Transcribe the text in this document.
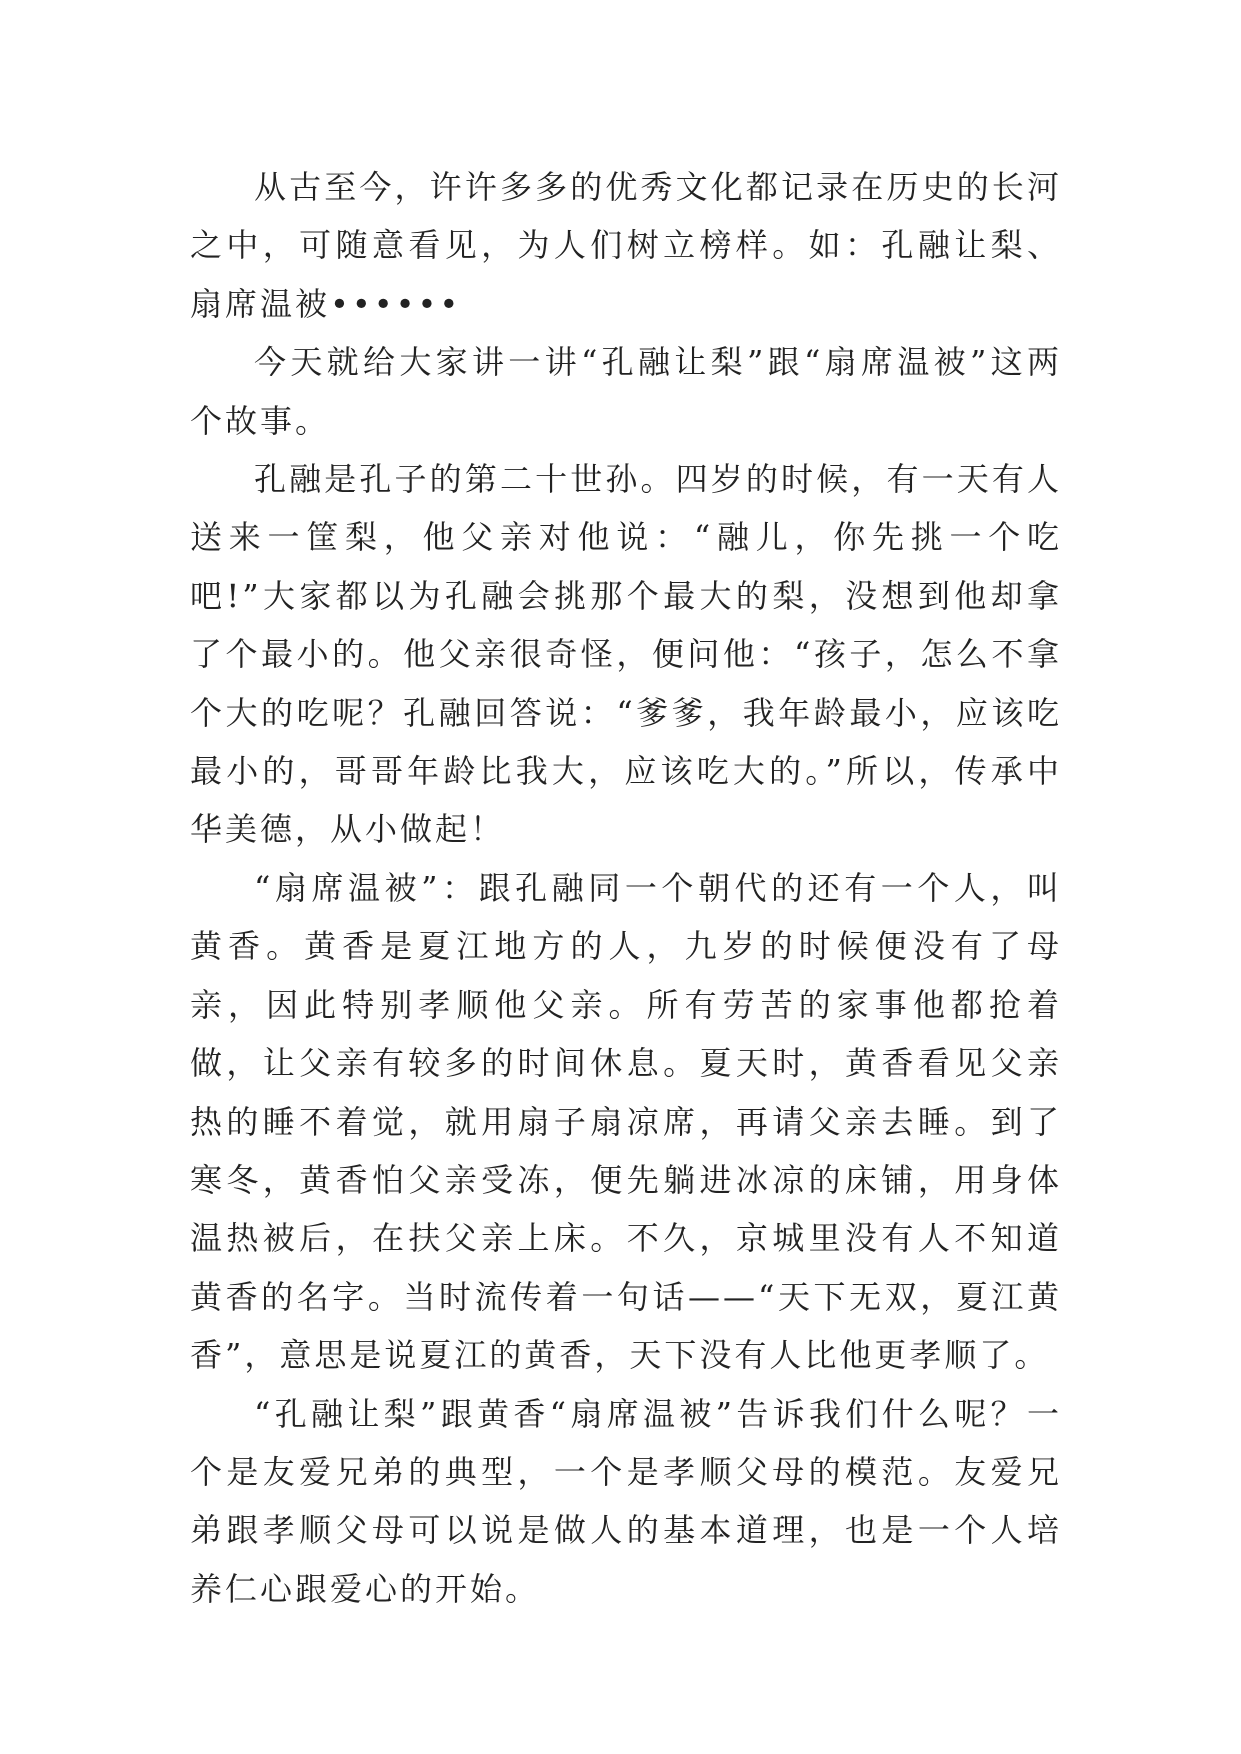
从古至今，许许多多的优秀文化都记录在历史的长河之中，可随意看见，为人们树立榜样。如：孔融让梨、扇席温被••••••

今天就给大家讲一讲“孔融让梨”跟“扇席温被”这两个故事。

孔融是孔子的第二十世孙。四岁的时候，有一天有人送来一筐梨，他父亲对他说：“融儿，你先挑一个吃吧!”大家都以为孔融会挑那个最大的梨，没想到他却拿了个最小的。他父亲很奇怪，便问他：“孩子，怎么不拿个大的吃呢？孔融回答说：“爹爹，我年龄最小，应该吃最小的，哥哥年龄比我大，应该吃大的。”所以，传承中华美德，从小做起！

“扇席温被”：跟孔融同一个朝代的还有一个人，叫黄香。黄香是夏江地方的人，九岁的时候便没有了母亲，因此特别孝顺他父亲。所有劳苦的家事他都抢着做，让父亲有较多的时间休息。夏天时，黄香看见父亲热的睡不着觉，就用扇子扇凉席，再请父亲去睡。到了寒冬，黄香怕父亲受冻，便先躺进冰凉的床铺，用身体温热被后，在扶父亲上床。不久，京城里没有人不知道黄香的名字。当时流传着一句话——“天下无双，夏江黄香”，意思是说夏江的黄香，天下没有人比他更孝顺了。

“孔融让梨”跟黄香“扇席温被”告诉我们什么呢？一个是友爱兄弟的典型，一个是孝顺父母的模范。友爱兄弟跟孝顺父母可以说是做人的基本道理，也是一个人培养仁心跟爱心的开始。
